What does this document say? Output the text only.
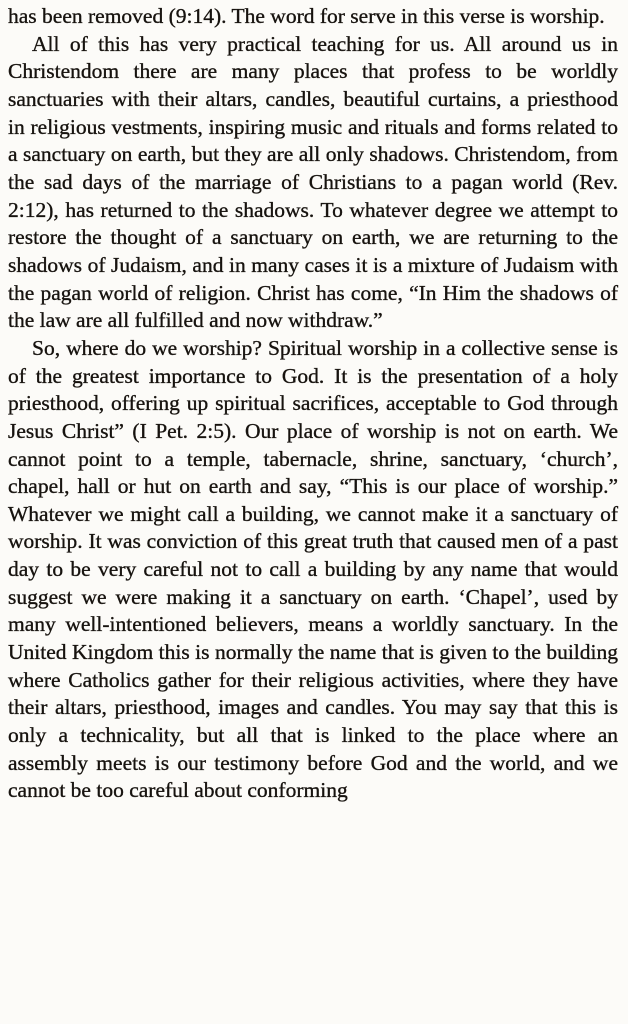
has been removed (9:14). The word for serve in this verse is worship.

All of this has very practical teaching for us. All around us in Christendom there are many places that profess to be worldly sanctuaries with their altars, candles, beautiful curtains, a priesthood in religious vestments, inspiring music and rituals and forms related to a sanctuary on earth, but they are all only shadows. Christendom, from the sad days of the marriage of Christians to a pagan world (Rev. 2:12), has returned to the shadows. To whatever degree we attempt to restore the thought of a sanctuary on earth, we are returning to the shadows of Judaism, and in many cases it is a mixture of Judaism with the pagan world of religion. Christ has come, “In Him the shadows of the law are all fulfilled and now withdraw.”

So, where do we worship? Spiritual worship in a collective sense is of the greatest importance to God. It is the presentation of a holy priesthood, offering up spiritual sacrifices, acceptable to God through Jesus Christ” (I Pet. 2:5). Our place of worship is not on earth. We cannot point to a temple, tabernacle, shrine, sanctuary, ‘church’, chapel, hall or hut on earth and say, “This is our place of worship.” Whatever we might call a building, we cannot make it a sanctuary of worship. It was conviction of this great truth that caused men of a past day to be very careful not to call a building by any name that would suggest we were making it a sanctuary on earth. ‘Chapel’, used by many well-intentioned believers, means a worldly sanctuary. In the United Kingdom this is normally the name that is given to the building where Catholics gather for their religious activities, where they have their altars, priesthood, images and candles. You may say that this is only a technicality, but all that is linked to the place where an assembly meets is our testimony before God and the world, and we cannot be too careful about conforming
